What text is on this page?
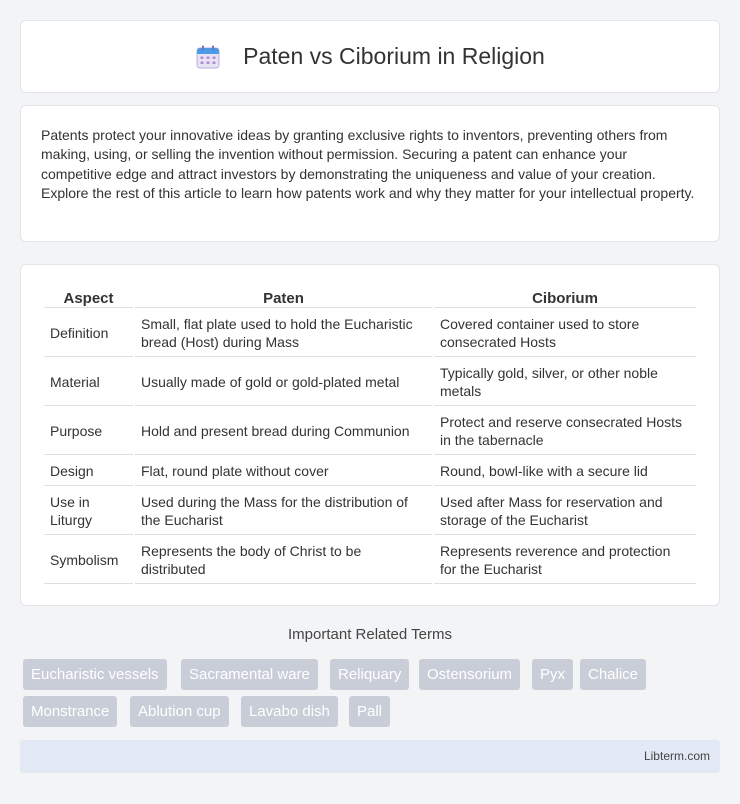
Paten vs Ciborium in Religion

Patents protect your innovative ideas by granting exclusive rights to inventors, preventing others from making, using, or selling the invention without permission. Securing a patent can enhance your competitive edge and attract investors by demonstrating the uniqueness and value of your creation. Explore the rest of this article to learn how patents work and why they matter for your intellectual property.

Aspect	Paten	Ciborium
Definition	Small, flat plate used to hold the Eucharistic bread (Host) during Mass	Covered container used to store consecrated Hosts
Material	Usually made of gold or gold-plated metal	Typically gold, silver, or other noble metals
Purpose	Hold and present bread during Communion	Protect and reserve consecrated Hosts in the tabernacle
Design	Flat, round plate without cover	Round, bowl-like with a secure lid
Use in Liturgy	Used during the Mass for the distribution of the Eucharist	Used after Mass for reservation and storage of the Eucharist
Symbolism	Represents the body of Christ to be distributed	Represents reverence and protection for the Eucharist
Important Related Terms
Eucharistic vessels	Sacramental ware	Reliquary	Ostensorium	Pyx	Chalice
Monstrance	Ablution cup	Lavabo dish	Pall
Libterm.com
